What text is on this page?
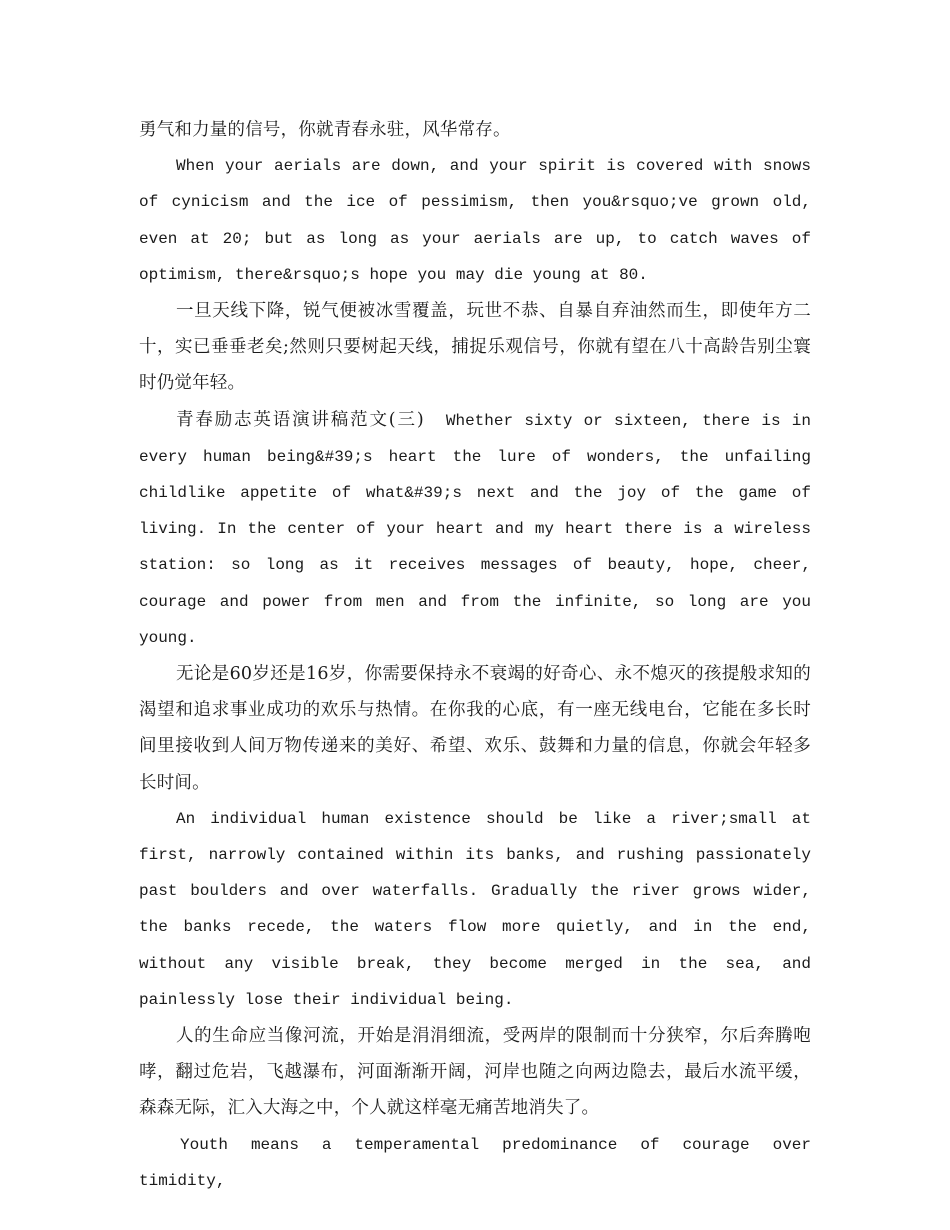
勇气和力量的信号，你就青春永驻，风华常存。

When your aerials are down, and your spirit is covered with snows of cynicism and the ice of pessimism, then you&rsquo;ve grown old, even at 20; but as long as your aerials are up, to catch waves of optimism, there&rsquo;s hope you may die young at 80.

一旦天线下降，锐气便被冰雪覆盖，玩世不恭、自暴自弃油然而生，即使年方二十，实已垂垂老矣;然则只要树起天线，捕捉乐观信号，你就有望在八十高龄告别尘寰时仍觉年轻。

青春励志英语演讲稿范文(三) Whether sixty or sixteen, there is in every human being&#39;s heart the lure of wonders, the unfailing childlike appetite of what&#39;s next and the joy of the game of living. In the center of your heart and my heart there is a wireless station: so long as it receives messages of beauty, hope, cheer, courage and power from men and from the infinite, so long are you young.

无论是60岁还是16岁，你需要保持永不衰竭的好奇心、永不熄灭的孩提般求知的渴望和追求事业成功的欢乐与热情。在你我的心底，有一座无线电台，它能在多长时间里接收到人间万物传递来的美好、希望、欢乐、鼓舞和力量的信息，你就会年轻多长时间。

An individual human existence should be like a river;small at first, narrowly contained within its banks, and rushing passionately past boulders and over waterfalls. Gradually the river grows wider, the banks recede, the waters flow more quietly, and in the end, without any visible break, they become merged in the sea, and painlessly lose their individual being.

人的生命应当像河流，开始是涓涓细流，受两岸的限制而十分狭窄，尔后奔腾咆哮，翻过危岩，飞越瀑布，河面渐渐开阔，河岸也随之向两边隐去，最后水流平缓，森森无际，汇入大海之中，个人就这样毫无痛苦地消失了。

Youth means a temperamental predominance of courage over timidity,
